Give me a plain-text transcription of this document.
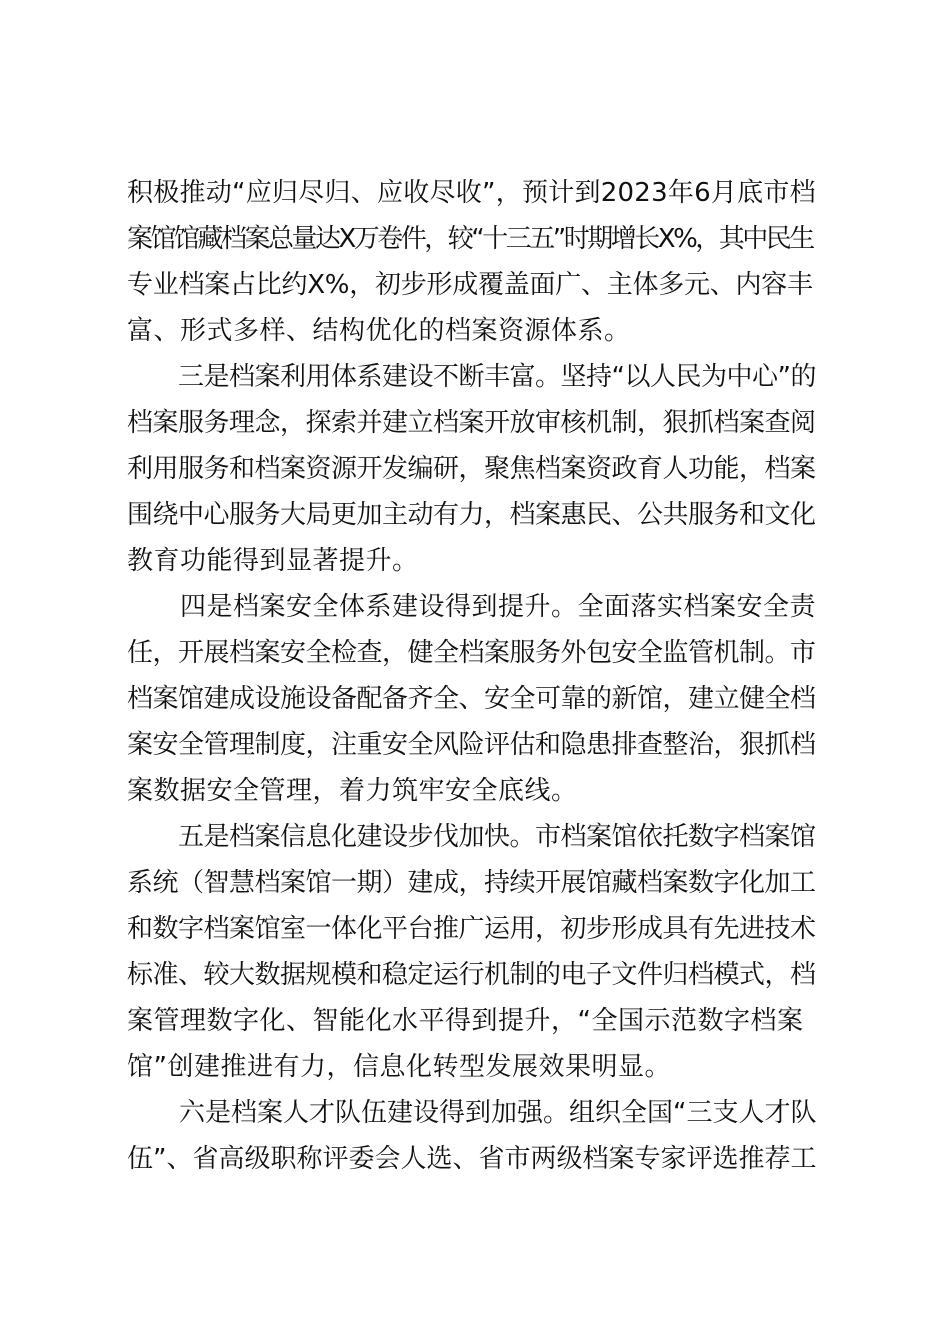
积极推动“应归尽归、应收尽收”，预计到2023年6月底市档
案馆馆藏档案总量达X万卷件，较“十三五”时期增长X%，其中民生
专业档案占比约X%，初步形成覆盖面广、主体多元、内容丰
富、形式多样、结构优化的档案资源体系。

　　三是档案利用体系建设不断丰富。坚持“以人民为中心”的
档案服务理念，探索并建立档案开放审核机制，狠抓档案查阅
利用服务和档案资源开发编研，聚焦档案资政育人功能，档案
围绕中心服务大局更加主动有力，档案惠民、公共服务和文化
教育功能得到显著提升。

　　四是档案安全体系建设得到提升。全面落实档案安全责
任，开展档案安全检查，健全档案服务外包安全监管机制。市
档案馆建成设施设备配备齐全、安全可靠的新馆，建立健全档
案安全管理制度，注重安全风险评估和隐患排查整治，狠抓档
案数据安全管理，着力筑牢安全底线。

　　五是档案信息化建设步伐加快。市档案馆依托数字档案馆
系统（智慧档案馆一期）建成，持续开展馆藏档案数字化加工
和数字档案馆室一体化平台推广运用，初步形成具有先进技术
标准、较大数据规模和稳定运行机制的电子文件归档模式，档
案管理数字化、智能化水平得到提升，“全国示范数字档案
馆”创建推进有力，信息化转型发展效果明显。

　　六是档案人才队伍建设得到加强。组织全国“三支人才队
伍”、省高级职称评委会人选、省市两级档案专家评选推荐工
